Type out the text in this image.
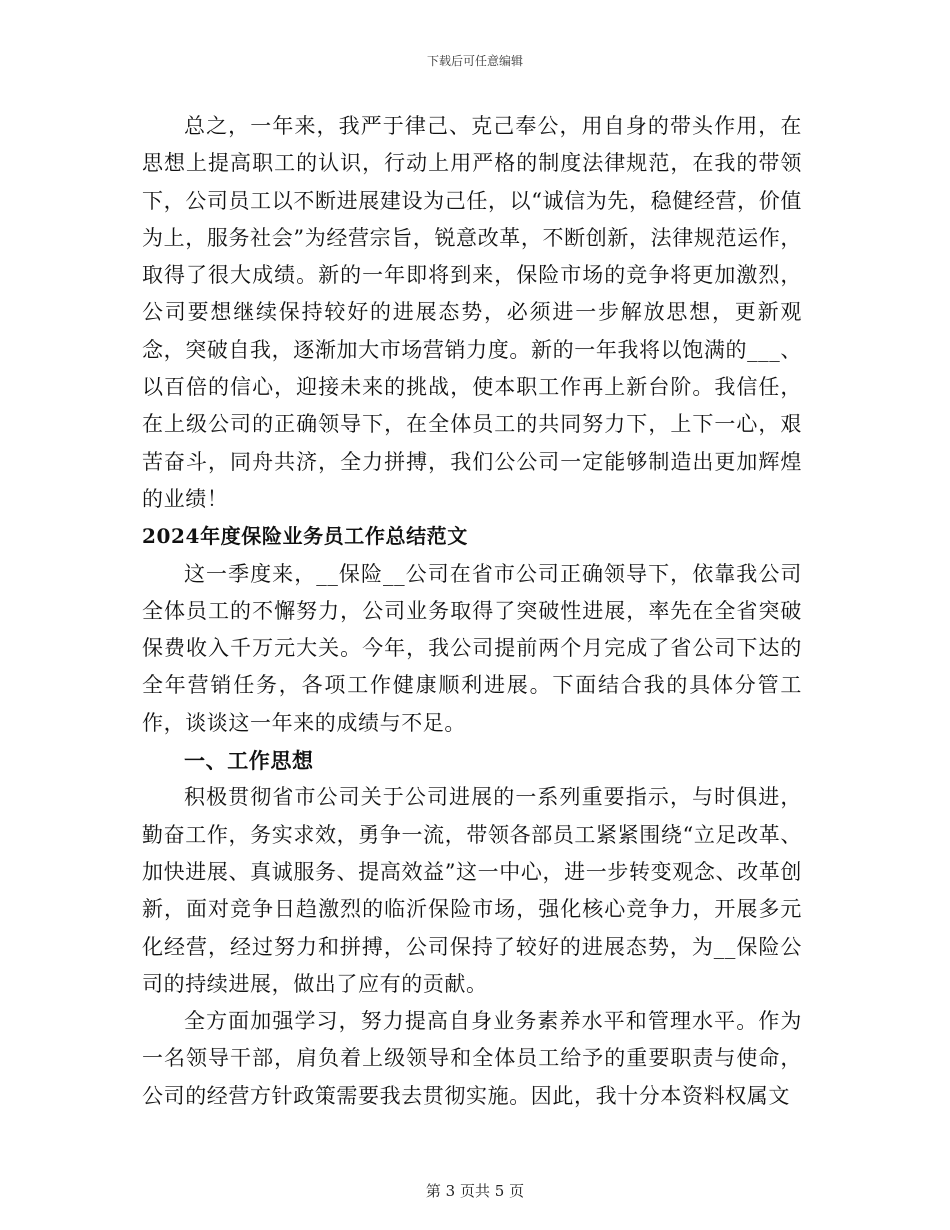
下载后可任意编辑

总之，一年来，我严于律己、克己奉公，用自身的带头作用，在思想上提高职工的认识，行动上用严格的制度法律规范，在我的带领下，公司员工以不断进展建设为己任，以“诚信为先，稳健经营，价值为上，服务社会”为经营宗旨，锐意改革，不断创新，法律规范运作，取得了很大成绩。新的一年即将到来，保险市场的竞争将更加激烈，公司要想继续保持较好的进展态势，必须进一步解放思想，更新观念，突破自我，逐渐加大市场营销力度。新的一年我将以饱满的___、以百倍的信心，迎接未来的挑战，使本职工作再上新台阶。我信任，在上级公司的正确领导下，在全体员工的共同努力下，上下一心，艰苦奋斗，同舟共济，全力拼搏，我们公公司一定能够制造出更加辉煌的业绩！

2024年度保险业务员工作总结范文

这一季度来，__保险__公司在省市公司正确领导下，依靠我公司全体员工的不懈努力，公司业务取得了突破性进展，率先在全省突破保费收入千万元大关。今年，我公司提前两个月完成了省公司下达的全年营销任务，各项工作健康顺利进展。下面结合我的具体分管工作，谈谈这一年来的成绩与不足。

一、工作思想

积极贯彻省市公司关于公司进展的一系列重要指示，与时俱进，勤奋工作，务实求效，勇争一流，带领各部员工紧紧围绕“立足改革、加快进展、真诚服务、提高效益”这一中心，进一步转变观念、改革创新，面对竞争日趋激烈的临沂保险市场，强化核心竞争力，开展多元化经营，经过努力和拼搏，公司保持了较好的进展态势，为__保险公司的持续进展，做出了应有的贡献。

全方面加强学习，努力提高自身业务素养水平和管理水平。作为一名领导干部，肩负着上级领导和全体员工给予的重要职责与使命，公司的经营方针政策需要我去贯彻实施。因此，我十分本资料权属文

第 3 页共 5 页
